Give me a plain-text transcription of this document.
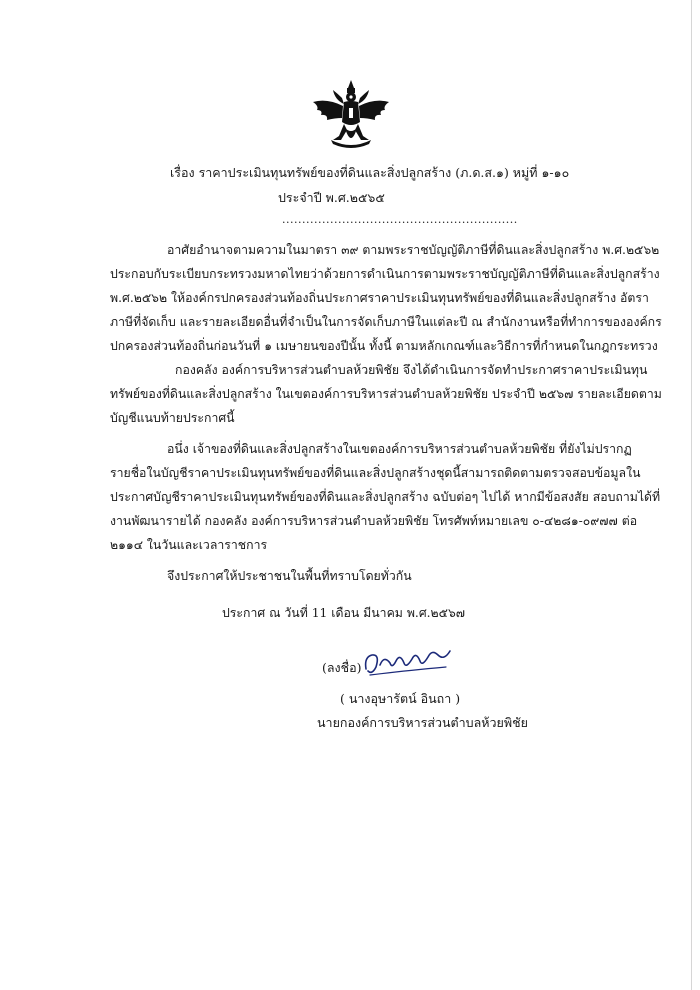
เรื่อง ราคาประเมินทุนทรัพย์ของที่ดินและสิ่งปลูกสร้าง (ภ.ด.ส.๑) หมู่ที่ ๑-๑๐
ประจำปี พ.ศ.๒๕๖๕
...........................................................
อาศัยอำนาจตามความในมาตรา ๓๙ ตามพระราชบัญญัติภาษีที่ดินและสิ่งปลูกสร้าง พ.ศ.๒๕๖๒
ประกอบกับระเบียบกระทรวงมหาดไทยว่าด้วยการดำเนินการตามพระราชบัญญัติภาษีที่ดินและสิ่งปลูกสร้าง
พ.ศ.๒๕๖๒ ให้องค์กรปกครองส่วนท้องถิ่นประกาศราคาประเมินทุนทรัพย์ของที่ดินและสิ่งปลูกสร้าง อัตรา
ภาษีที่จัดเก็บ และรายละเอียดอื่นที่จำเป็นในการจัดเก็บภาษีในแต่ละปี ณ สำนักงานหรือที่ทำการขององค์กร
ปกครองส่วนท้องถิ่นก่อนวันที่ ๑ เมษายนของปีนั้น ทั้งนี้ ตามหลักเกณฑ์และวิธีการที่กำหนดในกฎกระทรวง
กองคลัง องค์การบริหารส่วนตำบลห้วยพิชัย จึงได้ดำเนินการจัดทำประกาศราคาประเมินทุน
ทรัพย์ของที่ดินและสิ่งปลูกสร้าง ในเขตองค์การบริหารส่วนตำบลห้วยพิชัย ประจำปี ๒๕๖๗ รายละเอียดตาม
บัญชีแนบท้ายประกาศนี้
อนึ่ง เจ้าของที่ดินและสิ่งปลูกสร้างในเขตองค์การบริหารส่วนตำบลห้วยพิชัย ที่ยังไม่ปรากฏ
รายชื่อในบัญชีราคาประเมินทุนทรัพย์ของที่ดินและสิ่งปลูกสร้างชุดนี้สามารถติดตามตรวจสอบข้อมูลใน
ประกาศบัญชีราคาประเมินทุนทรัพย์ของที่ดินและสิ่งปลูกสร้าง ฉบับต่อๆ ไปได้ หากมีข้อสงสัย สอบถามได้ที่
งานพัฒนารายได้ กองคลัง องค์การบริหารส่วนตำบลห้วยพิชัย โทรศัพท์หมายเลข ๐-๔๒๘๑-๐๙๗๗ ต่อ
๒๑๑๔ ในวันและเวลาราชการ
จึงประกาศให้ประชาชนในพื้นที่ทราบโดยทั่วกัน
ประกาศ ณ วันที่ 11 เดือน มีนาคม พ.ศ.๒๕๖๗
(ลงชื่อ)
( นางอุษารัตน์ อินถา )
นายกองค์การบริหารส่วนตำบลห้วยพิชัย
